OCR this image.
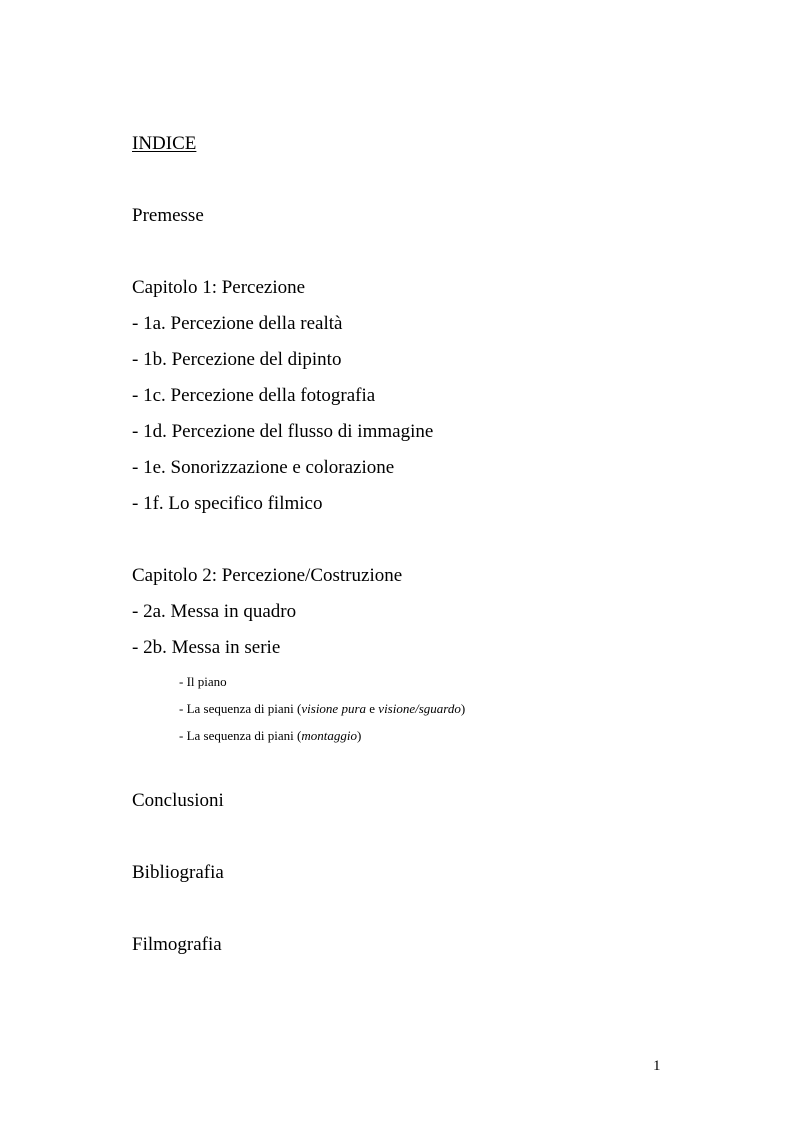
INDICE
Premesse
Capitolo 1: Percezione
- 1a. Percezione della realtà
- 1b. Percezione del dipinto
- 1c. Percezione della fotografia
- 1d. Percezione del flusso di immagine
- 1e. Sonorizzazione e colorazione
- 1f. Lo specifico filmico
Capitolo 2: Percezione/Costruzione
- 2a. Messa in quadro
- 2b. Messa in serie
- Il piano
- La sequenza di piani (visione pura e visione/sguardo)
- La sequenza di piani (montaggio)
Conclusioni
Bibliografia
Filmografia
1
